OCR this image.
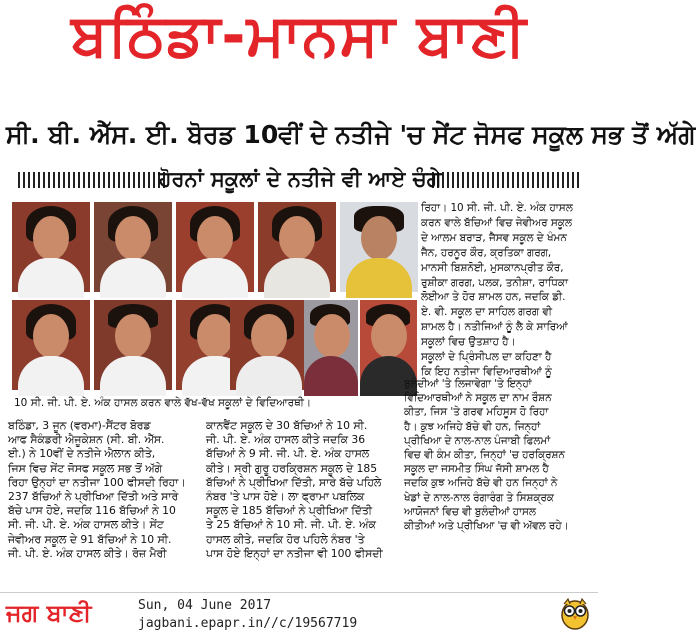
ਬਠਿੰਡਾ-ਮਾਨਸਾ ਬਾਣੀ
ਸੀ. ਬੀ. ਐੱਸ. ਈ. ਬੋਰਡ 10ਵੀਂ ਦੇ ਨਤੀਜੇ 'ਚ ਸੇਂਟ ਜੋਸਫ ਸਕੂਲ ਸਭ ਤੋਂ ਅੱਗੇ
ਹੋਰਨਾਂ ਸਕੂਲਾਂ ਦੇ ਨਤੀਜੇ ਵੀ ਆਏ ਚੰਗੇ
10 ਸੀ. ਜੀ. ਪੀ. ਏ. ਅੰਕ ਹਾਸਲ ਕਰਨ ਵਾਲੇ ਵੱਖ-ਵੱਖ ਸਕੂਲਾਂ ਦੇ ਵਿਦਿਆਰਥੀ।
ਰਿਹਾ। 10 ਸੀ. ਜੀ. ਪੀ. ਏ. ਅੰਕ ਹਾਸਲ
ਕਰਨ ਵਾਲੇ ਬੱਚਿਆਂ ਵਿਚ ਜੇਵੀਅਰ ਸਕੂਲ
ਦੇ ਆਲਮ ਬਰਾੜ, ਜੈਸਵ ਸਕੂਲ ਦੇ ਖੰਮਨ
ਜੈਨ, ਹਰਨੂਰ ਕੌਰ, ਕ੍ਰਤਿਕਾ ਗਰਗ,
ਮਾਨਸੀ ਬਿਸ਼ਨੋਈ, ਮੁਸਕਾਨਪ੍ਰੀਤ ਕੌਰ,
ਰੁਸ਼ੀਕਾ ਗਰਗ, ਪਲਕ, ਤਨੀਸ਼ਾ, ਰਾਧਿਕਾ
ਲੋਈਆ ਤੇ ਹੋਰ ਸ਼ਾਮਲ ਹਨ, ਜਦਕਿ ਡੀ.
ਏ. ਵੀ. ਸਕੂਲ ਦਾ ਸਾਹਿਲ ਗਰਗ ਵੀ
ਸ਼ਾਮਲ ਹੈ। ਨਤੀਜਿਆਂ ਨੂੰ ਲੈ ਕੇ ਸਾਰਿਆਂ
ਸਕੂਲਾਂ ਵਿਚ ਉਤਸ਼ਾਹ ਹੈ।
ਸਕੂਲਾਂ ਦੇ ਪ੍ਰਿੰਸੀਪਲ ਦਾ ਕਹਿਣਾ ਹੈ
ਕਿ ਇਹ ਨਤੀਜਾ ਵਿਦਿਆਰਥੀਆਂ ਨੂੰ
ਬਠਿੰਡਾ, 3 ਜੂਨ (ਵਰਮਾ)-ਸੈਂਟਰ ਬੋਰਡ
ਆਫ ਸੈਕੰਡਰੀ ਐਜੂਕੇਸ਼ਨ (ਸੀ. ਬੀ. ਐੱਸ.
ਈ.) ਨੇ 10ਵੀਂ ਦੇ ਨਤੀਜੇ ਐਲਾਨ ਕੀਤੇ,
ਜਿਸ ਵਿਚ ਸੇਂਟ ਜੋਸਫ ਸਕੂਲ ਸਭ ਤੋਂ ਅੱਗੇ
ਰਿਹਾ ਉਨ੍ਹਾਂ ਦਾ ਨਤੀਜਾ 100 ਫੀਸਦੀ ਰਿਹਾ।
237 ਬੱਚਿਆਂ ਨੇ ਪ੍ਰੀਖਿਆ ਦਿੱਤੀ ਅਤੇ ਸਾਰੇ
ਬੱਚੇ ਪਾਸ ਹੋਏ, ਜਦਕਿ 116 ਬੱਚਿਆਂ ਨੇ 10
ਸੀ. ਜੀ. ਪੀ. ਏ. ਅੰਕ ਹਾਸਲ ਕੀਤੇ। ਸੇਂਟ
ਜੇਵੀਅਰ ਸਕੂਲ ਦੇ 91 ਬੱਚਿਆਂ ਨੇ 10 ਸੀ.
ਜੀ. ਪੀ. ਏ. ਅੰਕ ਹਾਸਲ ਕੀਤੇ। ਰੋਜ਼ ਮੈਰੀ
ਕਾਨਵੈਂਟ ਸਕੂਲ ਦੇ 30 ਬੱਚਿਆਂ ਨੇ 10 ਸੀ.
ਜੀ. ਪੀ. ਏ. ਅੰਕ ਹਾਸਲ ਕੀਤੇ ਜਦਕਿ 36
ਬੱਚਿਆਂ ਨੇ 9 ਸੀ. ਜੀ. ਪੀ. ਏ. ਅੰਕ ਹਾਸਲ
ਕੀਤੇ। ਸ੍ਰੀ ਗੁਰੂ ਹਰਕ੍ਰਿਸ਼ਨ ਸਕੂਲ ਦੇ 185
ਬੱਚਿਆਂ ਨੇ ਪ੍ਰੀਖਿਆ ਦਿੱਤੀ, ਸਾਰੇ ਬੱਚੇ ਪਹਿਲੇ
ਨੰਬਰ 'ਤੇ ਪਾਸ ਹੋਏ। ਲਾ ਫ੍ਰਾਮਾ ਪਬਲਿਕ
ਸਕੂਲ ਦੇ 185 ਬੱਚਿਆਂ ਨੇ ਪ੍ਰੀਖਿਆ ਦਿੱਤੀ
ਤੇ 25 ਬੱਚਿਆਂ ਨੇ 10 ਸੀ. ਜੀ. ਪੀ. ਏ. ਅੰਕ
ਹਾਸਲ ਕੀਤੇ, ਜਦਕਿ ਹੋਰ ਪਹਿਲੇ ਨੰਬਰ 'ਤੇ
ਪਾਸ ਹੋਏ ਇਨ੍ਹਾਂ ਦਾ ਨਤੀਜਾ ਵੀ 100 ਫੀਸਦੀ
ਬੁਲੰਦੀਆਂ 'ਤੇ ਲਿਜਾਵੇਗਾ 'ਤੇ ਇਨ੍ਹਾਂ
ਵਿਦਿਆਰਥੀਆਂ ਨੇ ਸਕੂਲ ਦਾ ਨਾਮ ਰੌਸ਼ਨ
ਕੀਤਾ, ਜਿਸ 'ਤੇ ਗਰਵ ਮਹਿਸੂਸ ਹੋ ਰਿਹਾ
ਹੈ। ਕੁਝ ਅਜਿਹੇ ਬੱਚੇ ਵੀ ਹਨ, ਜਿਨ੍ਹਾਂ
ਪ੍ਰੀਖਿਆ ਦੇ ਨਾਲ-ਨਾਲ ਪੰਜਾਬੀ ਫਿਲਮਾਂ
ਵਿਚ ਵੀ ਕੰਮ ਕੀਤਾ, ਜਿਨ੍ਹਾਂ 'ਚ ਹਰਕ੍ਰਿਸ਼ਨ
ਸਕੂਲ ਦਾ ਜਸਮੀਤ ਸਿੰਘ ਜੱਸੀ ਸ਼ਾਮਲ ਹੈ
ਜਦਕਿ ਕੁਝ ਅਜਿਹੇ ਬੱਚੇ ਵੀ ਹਨ ਜਿਨ੍ਹਾਂ ਨੇ
ਖੇਡਾਂ ਦੇ ਨਾਲ-ਨਾਲ ਰੰਗਾਰੰਗ ਤੇ ਸਿਸ਼ਕ੍ਰਕ
ਆਯੋਜਨਾਂ ਵਿਚ ਵੀ ਬੁਲੰਦੀਆਂ ਹਾਸਲ
ਕੀਤੀਆਂ ਅਤੇ ਪ੍ਰੀਖਿਆ 'ਚ ਵੀ ਅੱਵਲ ਰਹੇ।
ਜਗ ਬਾਣੀ	Sun, 04 June 2017
jagbani.epapr.in//c/19567719
